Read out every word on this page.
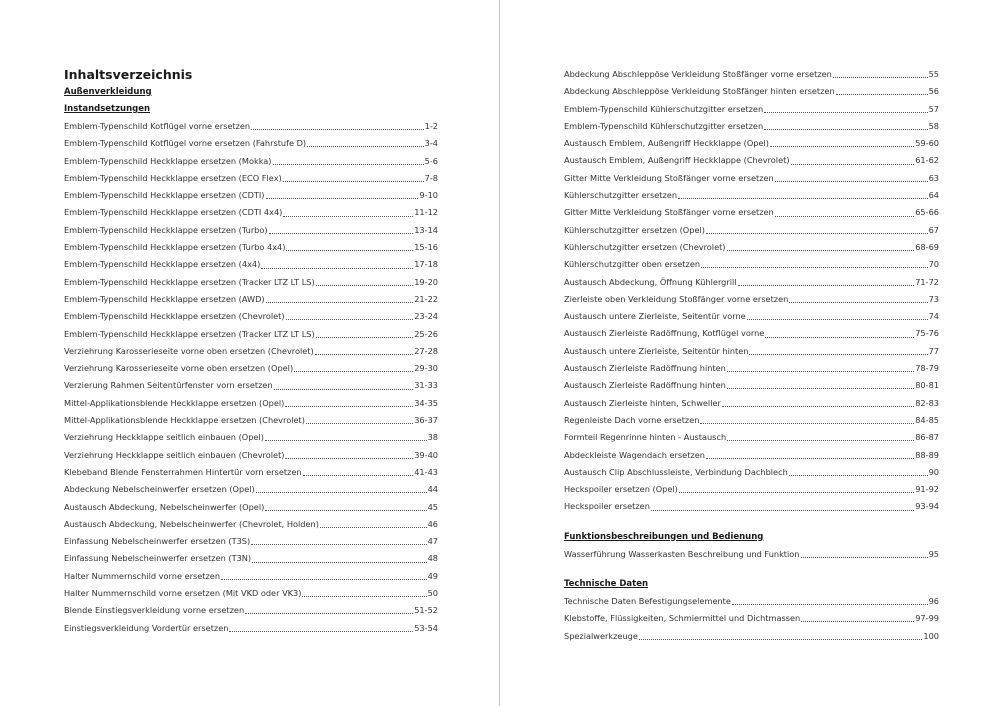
Inhaltsverzeichnis
Außenverkleidung
Instandsetzungen
Emblem-Typenschild Kotflügel vorne ersetzen	1-2
Emblem-Typenschild Kotflügel vorne ersetzen (Fahrstufe D)	3-4
Emblem-Typenschild Heckklappe ersetzen (Mokka)	5-6
Emblem-Typenschild Heckklappe ersetzen (ECO Flex)	7-8
Emblem-Typenschild Heckklappe ersetzen (CDTI)	9-10
Emblem-Typenschild Heckklappe ersetzen (CDTI 4x4)	11-12
Emblem-Typenschild Heckklappe ersetzen (Turbo)	13-14
Emblem-Typenschild Heckklappe ersetzen (Turbo 4x4)	15-16
Emblem-Typenschild Heckklappe ersetzen (4x4)	17-18
Emblem-Typenschild Heckklappe ersetzen (Tracker LTZ LT LS)	19-20
Emblem-Typenschild Heckklappe ersetzen (AWD)	21-22
Emblem-Typenschild Heckklappe ersetzen (Chevrolet)	23-24
Emblem-Typenschild Heckklappe ersetzen (Tracker LTZ LT LS)	25-26
Verziehrung Karosserieseite vorne oben ersetzen (Chevrolet)	27-28
Verziehrung Karosserieseite vorne oben ersetzen (Opel)	29-30
Verzierung Rahmen Seitentürfenster vorn ersetzen	31-33
Mittel-Applikationsblende Heckklappe ersetzen (Opel)	34-35
Mittel-Applikationsblende Heckklappe ersetzen (Chevrolet)	36-37
Verziehrung Heckklappe seitlich einbauen (Opel)	38
Verziehrung Heckklappe seitlich einbauen (Chevrolet)	39-40
Klebeband Blende Fensterrahmen Hintertür vorn ersetzen	41-43
Abdeckung Nebelscheinwerfer ersetzen (Opel)	44
Austausch Abdeckung, Nebelscheinwerfer (Opel)	45
Austausch Abdeckung, Nebelscheinwerfer (Chevrolet, Holden)	46
Einfassung Nebelscheinwerfer ersetzen (T3S)	47
Einfassung Nebelscheinwerfer ersetzen (T3N)	48
Halter Nummernschild vorne ersetzen	49
Halter Nummernschild vorne ersetzen (Mit VKD oder VK3)	50
Blende Einstiegsverkleidung vorne ersetzen	51-52
Einstiegsverkleidung Vordertür ersetzen	53-54
Abdeckung Abschleppöse Verkleidung Stoßfänger vorne ersetzen	55
Abdeckung Abschleppöse Verkleidung Stoßfänger hinten ersetzen	56
Emblem-Typenschild Kühlerschutzgitter ersetzen	57
Emblem-Typenschild Kühlerschutzgitter ersetzen	58
Austausch Emblem, Außengriff Heckklappe (Opel)	59-60
Austausch Emblem, Außengriff Heckklappe (Chevrolet)	61-62
Gitter Mitte Verkleidung Stoßfänger vorne ersetzen	63
Kühlerschutzgitter ersetzen	64
Gitter Mitte Verkleidung Stoßfänger vorne ersetzen	65-66
Kühlerschutzgitter ersetzen (Opel)	67
Kühlerschutzgitter ersetzen (Chevrolet)	68-69
Kühlerschutzgitter oben ersetzen	70
Austausch Abdeckung, Öffnung Kühlergrill	71-72
Zierleiste oben Verkleidung Stoßfänger vorne ersetzen	73
Austausch untere Zierleiste, Seitentür vorne	74
Austausch Zierleiste Radöffnung, Kotflügel vorne	75-76
Austausch untere Zierleiste, Seitentür hinten	77
Austausch Zierleiste Radöffnung hinten	78-79
Austausch Zierleiste Radöffnung hinten	80-81
Austausch Zierleiste hinten, Schweller	82-83
Regenleiste Dach vorne ersetzen	84-85
Formteil Regenrinne hinten - Austausch	86-87
Abdeckleiste Wagendach ersetzen	88-89
Austausch Clip Abschlussleiste, Verbindung Dachblech	90
Heckspoiler ersetzen (Opel)	91-92
Heckspoiler ersetzen	93-94
Funktionsbeschreibungen und Bedienung
Wasserführung Wasserkasten Beschreibung und Funktion	95
Technische Daten
Technische Daten Befestigungselemente	96
Klebstoffe, Flüssigkeiten, Schmiermittel und Dichtmassen	97-99
Spezialwerkzeuge	100
